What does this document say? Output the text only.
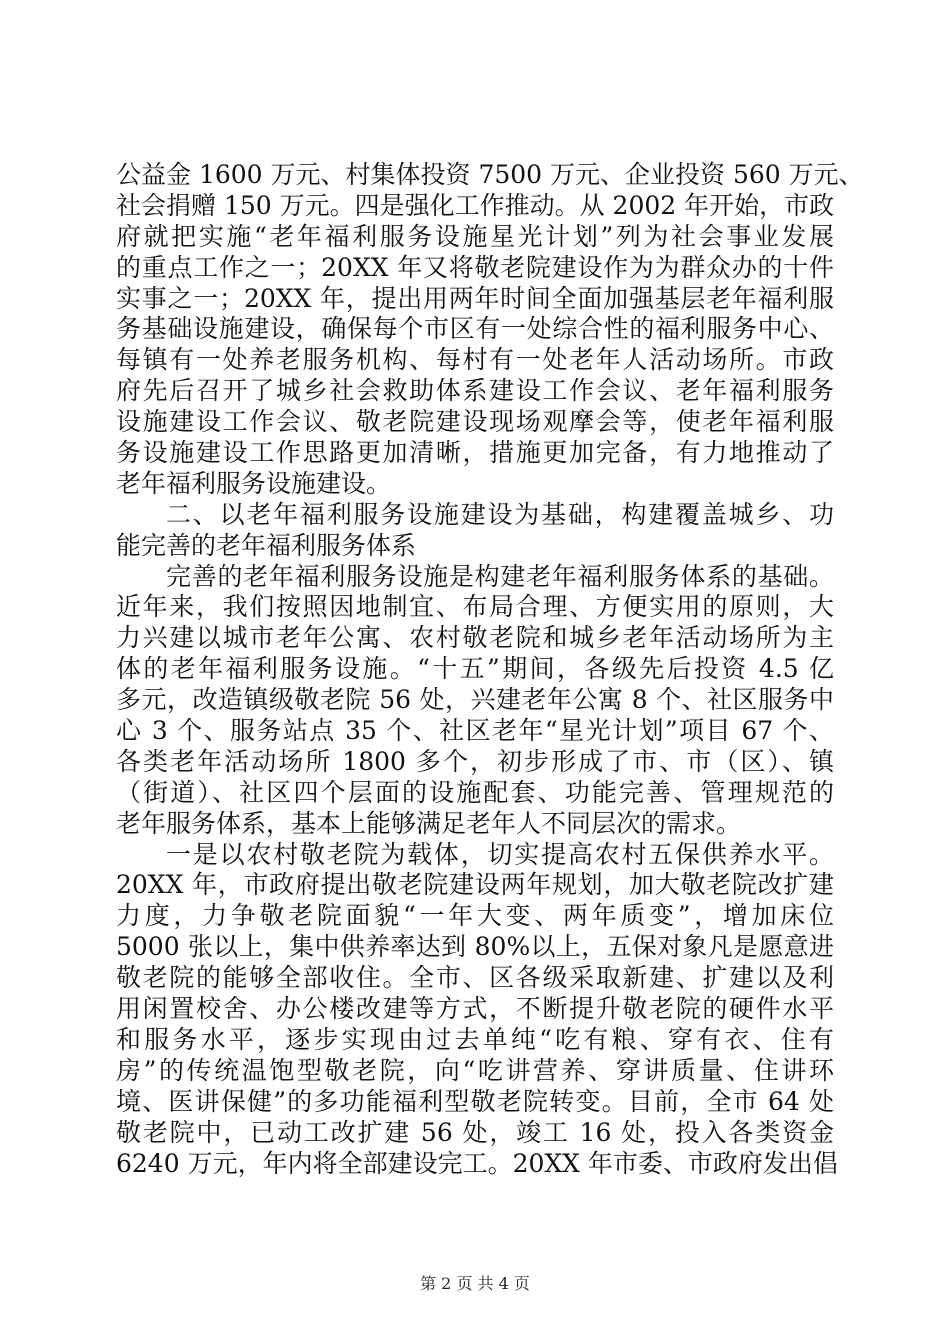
公益金 1600 万元、村集体投资 7500 万元、企业投资 560 万元、
社会捐赠 150 万元。四是强化工作推动。从 2002 年开始，市政
府就把实施“老年福利服务设施星光计划”列为社会事业发展
的重点工作之一；20XX 年又将敬老院建设作为为群众办的十件
实事之一；20XX 年，提出用两年时间全面加强基层老年福利服
务基础设施建设，确保每个市区有一处综合性的福利服务中心、
每镇有一处养老服务机构、每村有一处老年人活动场所。市政
府先后召开了城乡社会救助体系建设工作会议、老年福利服务
设施建设工作会议、敬老院建设现场观摩会等，使老年福利服
务设施建设工作思路更加清晰，措施更加完备，有力地推动了
老年福利服务设施建设。
二、以老年福利服务设施建设为基础，构建覆盖城乡、功
能完善的老年福利服务体系
完善的老年福利服务设施是构建老年福利服务体系的基础。
近年来，我们按照因地制宜、布局合理、方便实用的原则，大
力兴建以城市老年公寓、农村敬老院和城乡老年活动场所为主
体的老年福利服务设施。“十五”期间，各级先后投资 4.5 亿
多元，改造镇级敬老院 56 处，兴建老年公寓 8 个、社区服务中
心 3 个、服务站点 35 个、社区老年“星光计划”项目 67 个、
各类老年活动场所 1800 多个，初步形成了市、市（区）、镇
（街道）、社区四个层面的设施配套、功能完善、管理规范的
老年服务体系，基本上能够满足老年人不同层次的需求。
一是以农村敬老院为载体，切实提高农村五保供养水平。
20XX 年，市政府提出敬老院建设两年规划，加大敬老院改扩建
力度，力争敬老院面貌“一年大变、两年质变”，增加床位
5000 张以上，集中供养率达到 80%以上，五保对象凡是愿意进
敬老院的能够全部收住。全市、区各级采取新建、扩建以及利
用闲置校舍、办公楼改建等方式，不断提升敬老院的硬件水平
和服务水平，逐步实现由过去单纯“吃有粮、穿有衣、住有
房”的传统温饱型敬老院，向“吃讲营养、穿讲质量、住讲环
境、医讲保健”的多功能福利型敬老院转变。目前，全市 64 处
敬老院中，已动工改扩建 56 处，竣工 16 处，投入各类资金
6240 万元，年内将全部建设完工。20XX 年市委、市政府发出倡
第 2 页 共 4 页
